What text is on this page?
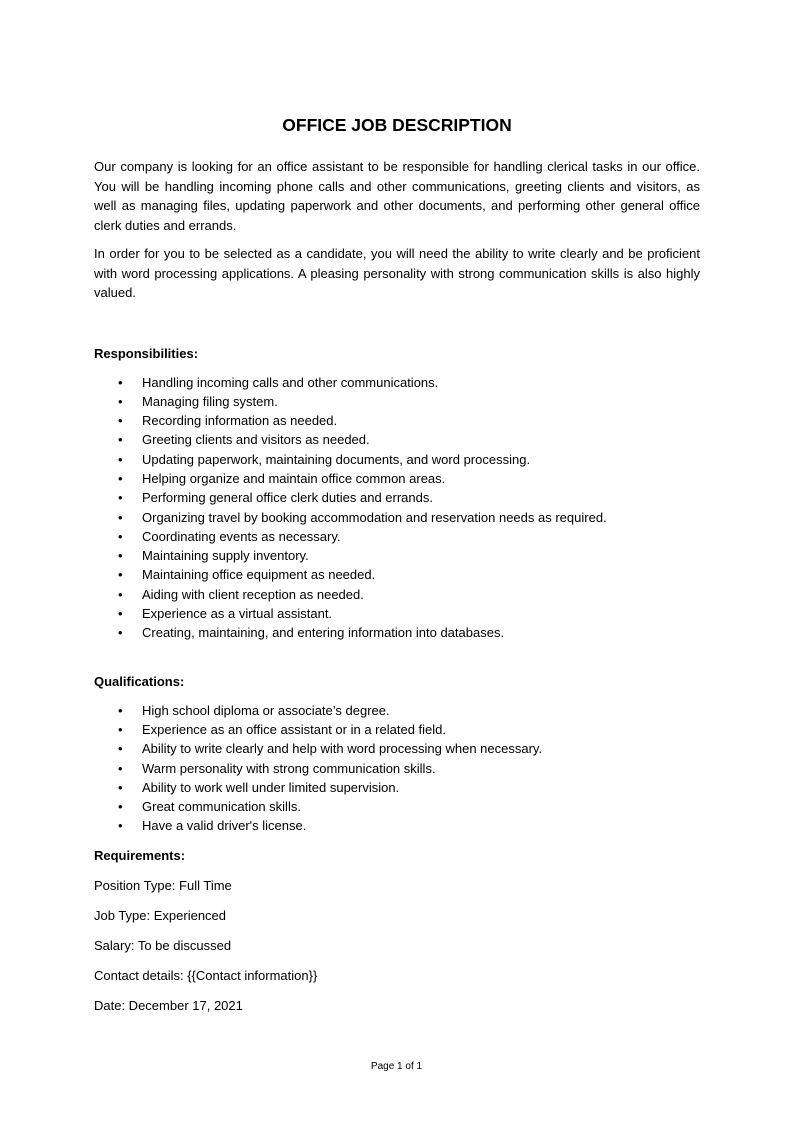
OFFICE JOB DESCRIPTION

Our company is looking for an office assistant to be responsible for handling clerical tasks in our office. You will be handling incoming phone calls and other communications, greeting clients and visitors, as well as managing files, updating paperwork and other documents, and performing other general office clerk duties and errands.

In order for you to be selected as a candidate, you will need the ability to write clearly and be proficient with word processing applications. A pleasing personality with strong communication skills is also highly valued.

Responsibilities:

• Handling incoming calls and other communications.
• Managing filing system.
• Recording information as needed.
• Greeting clients and visitors as needed.
• Updating paperwork, maintaining documents, and word processing.
• Helping organize and maintain office common areas.
• Performing general office clerk duties and errands.
• Organizing travel by booking accommodation and reservation needs as required.
• Coordinating events as necessary.
• Maintaining supply inventory.
• Maintaining office equipment as needed.
• Aiding with client reception as needed.
• Experience as a virtual assistant.
• Creating, maintaining, and entering information into databases.

Qualifications:

• High school diploma or associate’s degree.
• Experience as an office assistant or in a related field.
• Ability to write clearly and help with word processing when necessary.
• Warm personality with strong communication skills.
• Ability to work well under limited supervision.
• Great communication skills.
• Have a valid driver's license.

Requirements:

Position Type: Full Time

Job Type: Experienced

Salary: To be discussed

Contact details: {{Contact information}}

Date: December 17, 2021

Page 1 of 1
